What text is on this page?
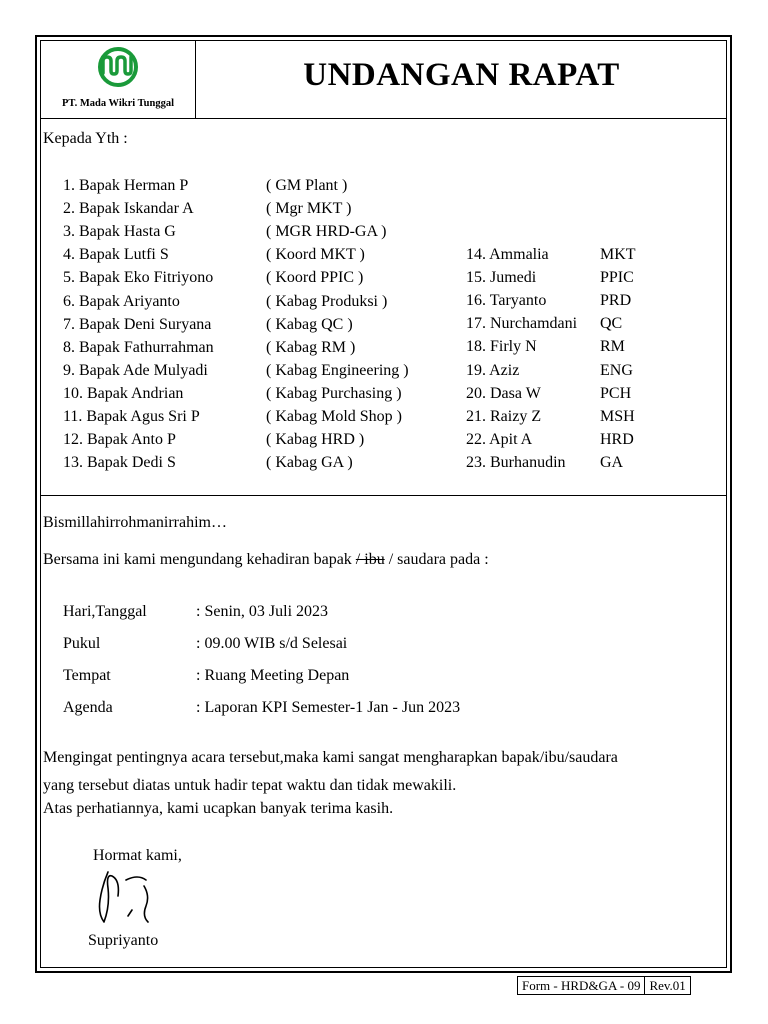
PT. Mada Wikri Tunggal
UNDANGAN RAPAT
Kepada Yth :
1. Bapak Herman P	( GM Plant )
2. Bapak Iskandar A	( Mgr MKT )
3. Bapak Hasta G	( MGR HRD-GA )
4. Bapak Lutfi S	( Koord MKT )
5. Bapak Eko Fitriyono	( Koord PPIC )
6. Bapak Ariyanto	( Kabag Produksi )
7. Bapak Deni Suryana	( Kabag QC )
8. Bapak Fathurrahman	( Kabag RM )
9. Bapak Ade Mulyadi	( Kabag Engineering )
10. Bapak Andrian	( Kabag Purchasing )
11. Bapak Agus Sri P	( Kabag Mold Shop )
12. Bapak Anto P	( Kabag HRD )
13. Bapak Dedi S	( Kabag GA )
14. Ammalia	MKT
15. Jumedi	PPIC
16. Taryanto	PRD
17. Nurchamdani QC
18. Firly N	RM
19. Aziz	ENG
20. Dasa W	PCH
21. Raizy Z	MSH
22. Apit A	HRD
23. Burhanudin GA
Bismillahirrohmanirrahim…
Bersama ini kami mengundang kehadiran bapak / ibu / saudara pada :
Hari,Tanggal	: Senin, 03 Juli 2023
Pukul	: 09.00 WIB s/d Selesai
Tempat	: Ruang Meeting Depan
Agenda	: Laporan KPI Semester-1 Jan - Jun 2023
Mengingat pentingnya acara tersebut,maka kami sangat mengharapkan bapak/ibu/saudara
yang tersebut diatas untuk hadir tepat waktu dan tidak mewakili.
Atas perhatiannya, kami ucapkan banyak terima kasih.
Hormat kami,
Supriyanto
Form - HRD&GA - 09 Rev.01
